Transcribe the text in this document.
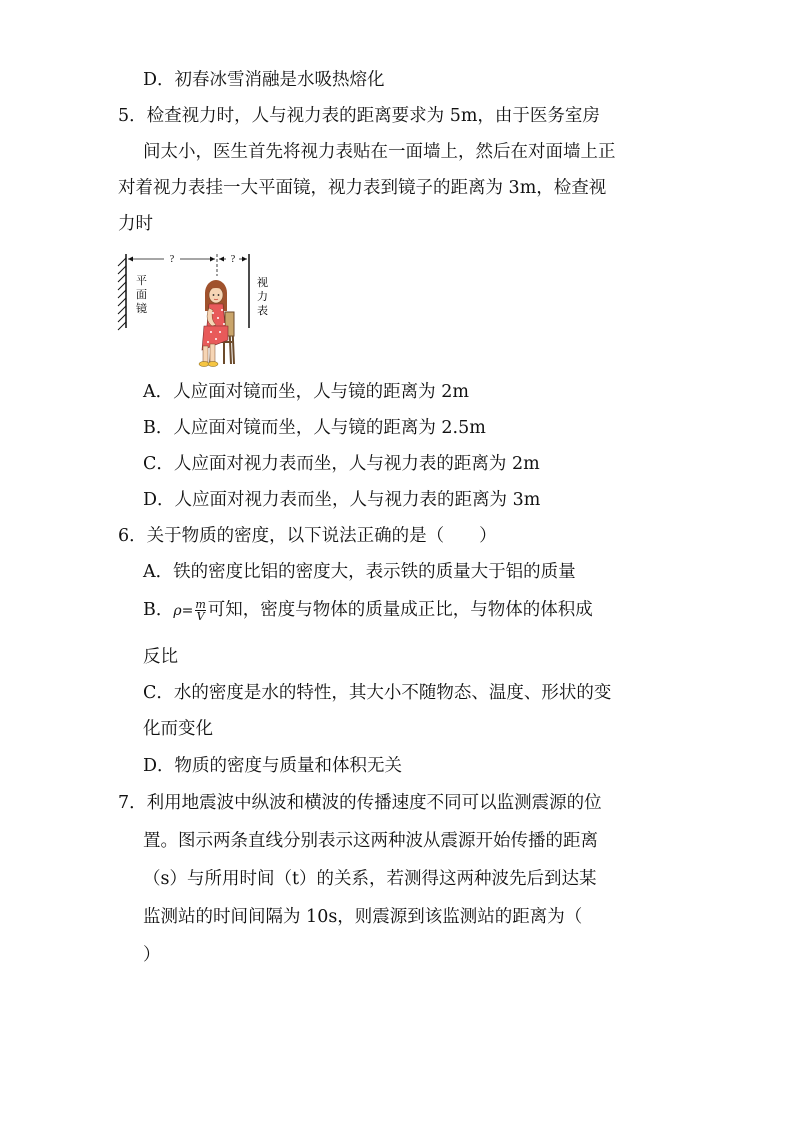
D．初春冰雪消融是水吸热熔化
5．检查视力时，人与视力表的距离要求为 5m，由于医务室房
间太小，医生首先将视力表贴在一面墙上，然后在对面墙上正
对着视力表挂一大平面镜，视力表到镜子的距离为 3m，检查视
力时
?	?
平面镜
视力表
A．人应面对镜而坐，人与镜的距离为 2m
B．人应面对镜而坐，人与镜的距离为 2.5m
C．人应面对视力表而坐，人与视力表的距离为 2m
D．人应面对视力表而坐，人与视力表的距离为 3m
6．关于物质的密度，以下说法正确的是（　　）
A．铁的密度比铝的密度大，表示铁的质量大于铝的质量
B．$\rho= \frac{m}{V}$ 可知，密度与物体的质量成正比，与物体的体积成
反比
C．水的密度是水的特性，其大小不随物态、温度、形状的变
化而变化
D．物质的密度与质量和体积无关
7．利用地震波中纵波和横波的传播速度不同可以监测震源的位
置。图示两条直线分别表示这两种波从震源开始传播的距离
（s）与所用时间（t）的关系，若测得这两种波先后到达某
监测站的时间间隔为 10s，则震源到该监测站的距离为（
）
